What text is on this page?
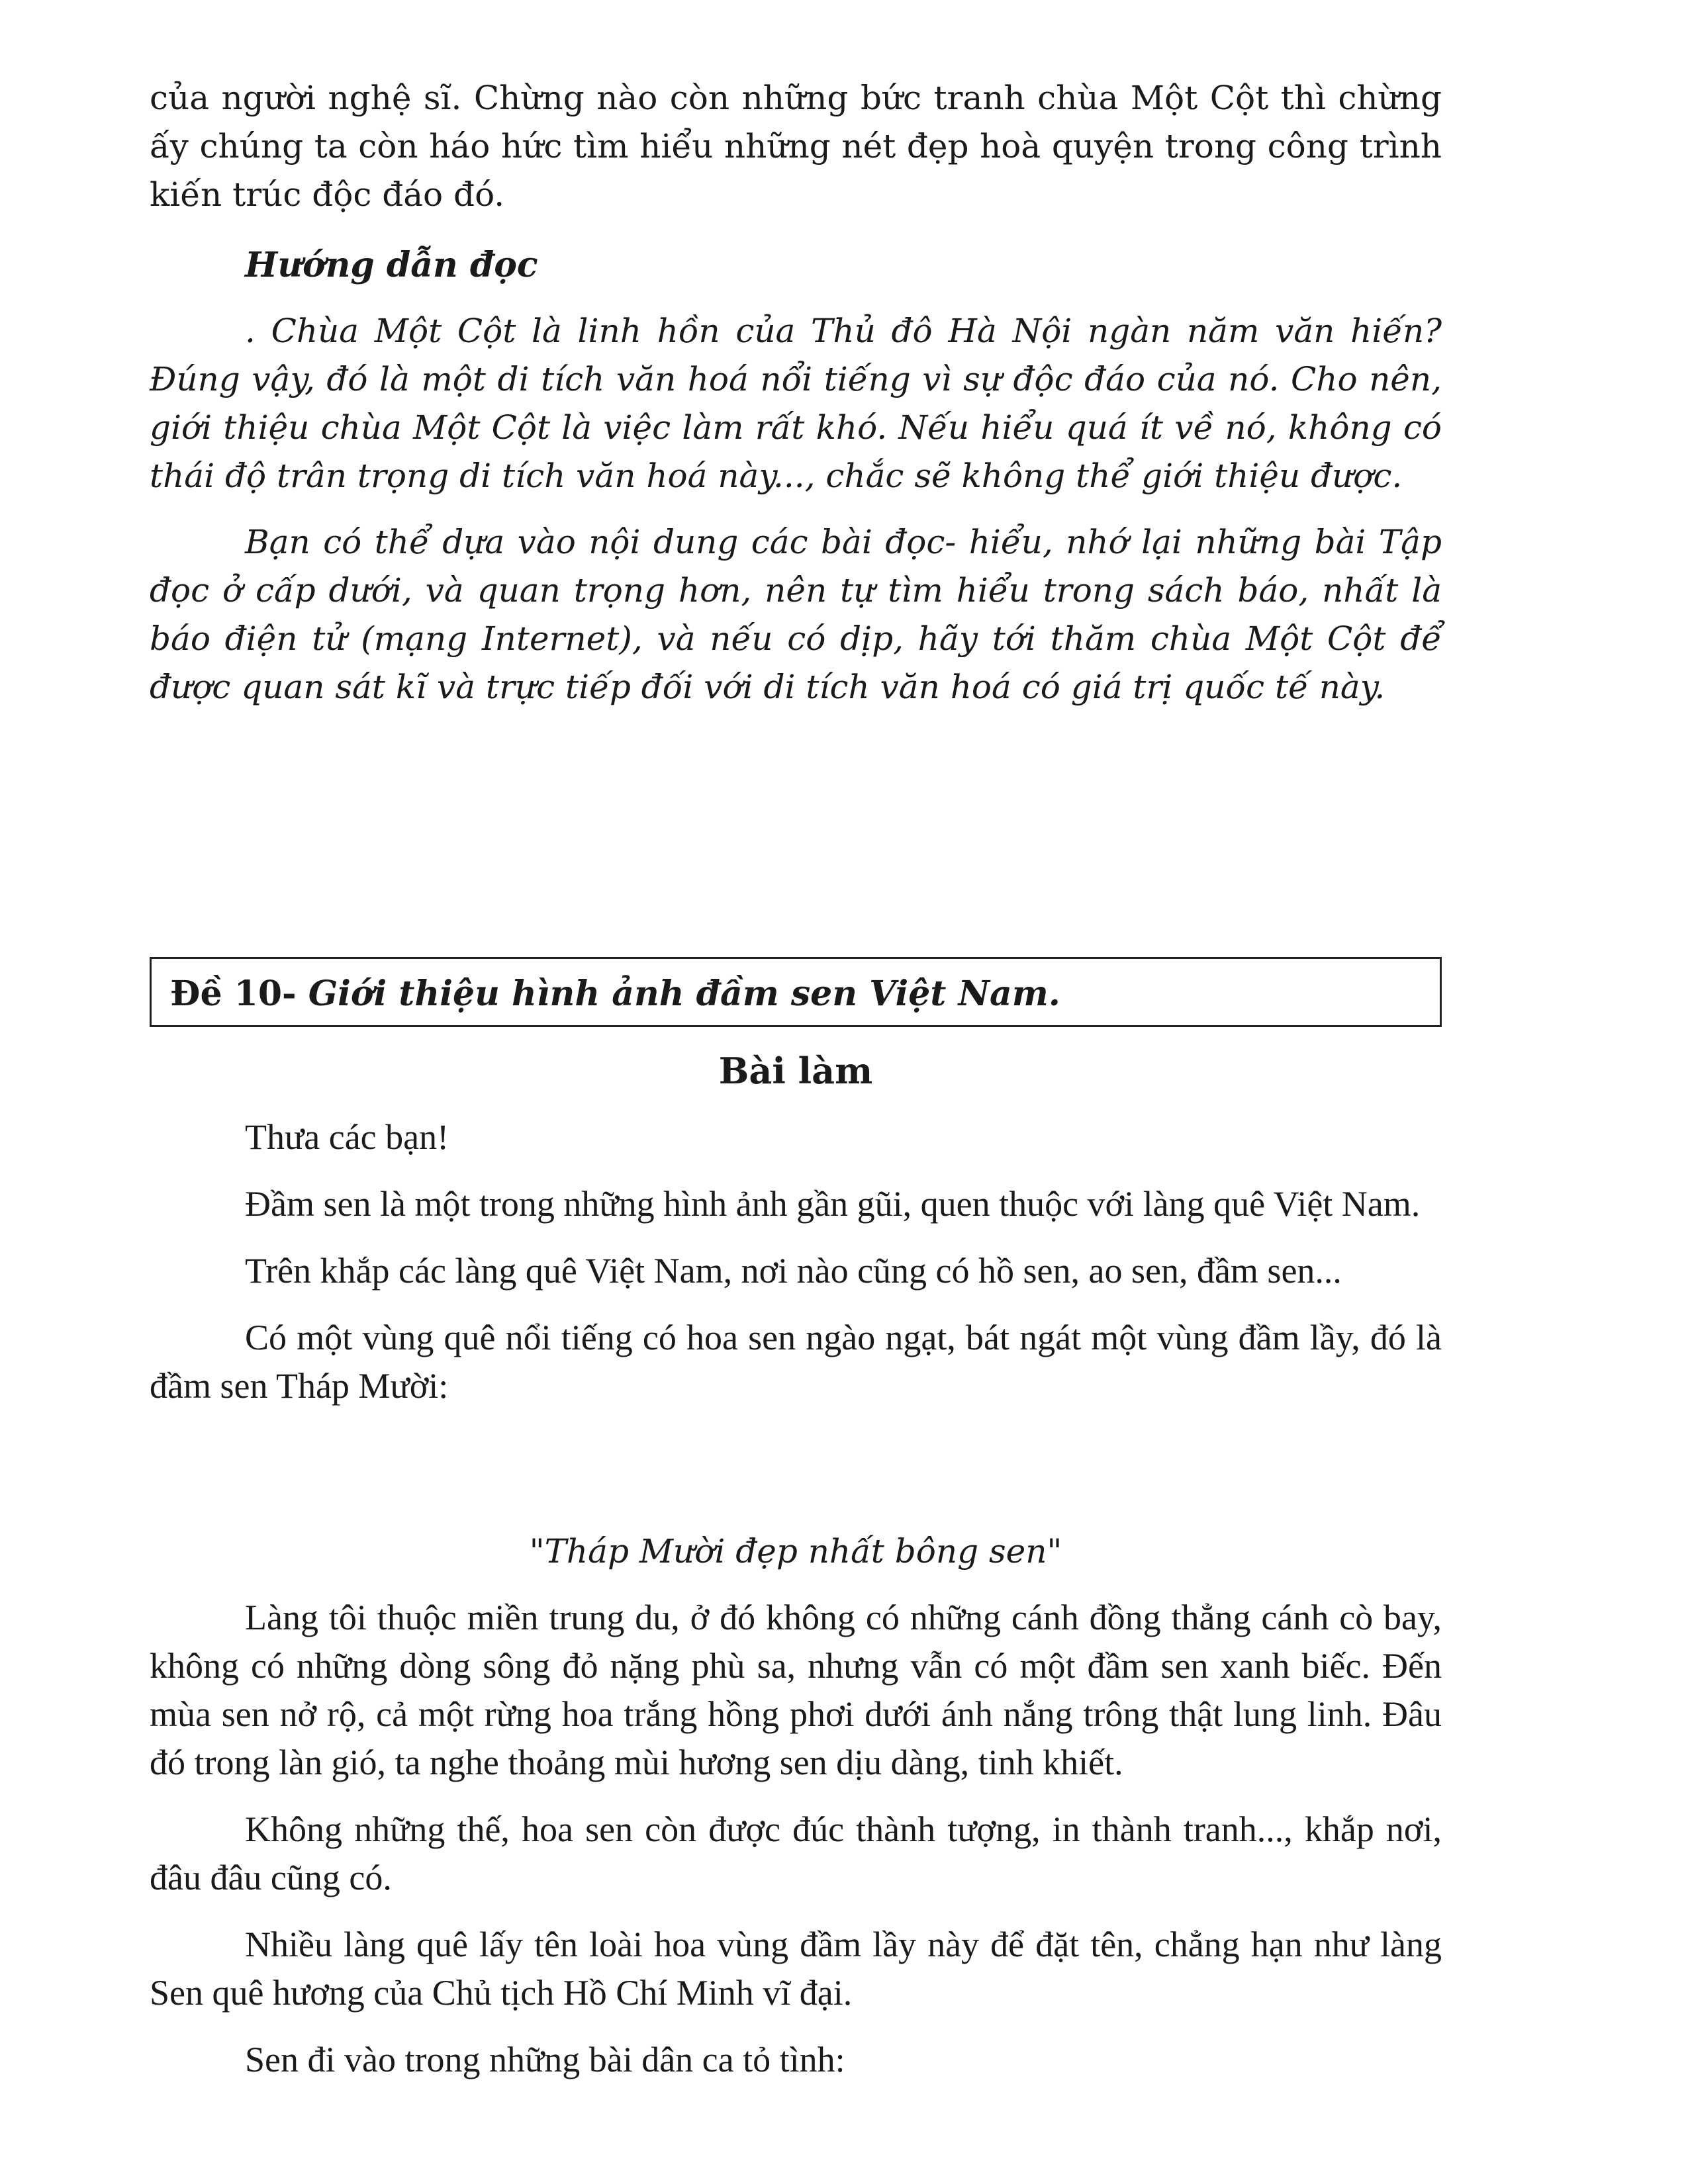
của người nghệ sĩ. Chừng nào còn những bức tranh chùa Một Cột thì chừng ấy chúng ta còn háo hức tìm hiểu những nét đẹp hoà quyện trong công trình kiến trúc độc đáo đó.

Hướng dẫn đọc

. Chùa Một Cột là linh hồn của Thủ đô Hà Nội ngàn năm văn hiến? Đúng vậy, đó là một di tích văn hoá nổi tiếng vì sự độc đáo của nó. Cho nên, giới thiệu chùa Một Cột là việc làm rất khó. Nếu hiểu quá ít về nó, không có thái độ trân trọng di tích văn hoá này..., chắc sẽ không thể giới thiệu được.

Bạn có thể dựa vào nội dung các bài đọc- hiểu, nhớ lại những bài Tập đọc ở cấp dưới, và quan trọng hơn, nên tự tìm hiểu trong sách báo, nhất là báo điện tử (mạng Internet), và nếu có dịp, hãy tới thăm chùa Một Cột để được quan sát kĩ và trực tiếp đối với di tích văn hoá có giá trị quốc tế này.

Đề 10- Giới thiệu hình ảnh đầm sen Việt Nam.
Bài làm

Thưa các bạn!

Đầm sen là một trong những hình ảnh gần gũi, quen thuộc với làng quê Việt Nam.

Trên khắp các làng quê Việt Nam, nơi nào cũng có hồ sen, ao sen, đầm sen...

Có một vùng quê nổi tiếng có hoa sen ngào ngạt, bát ngát một vùng đầm lầy, đó là đầm sen Tháp Mười:

"Tháp Mười đẹp nhất bông sen"

Làng tôi thuộc miền trung du, ở đó không có những cánh đồng thẳng cánh cò bay, không có những dòng sông đỏ nặng phù sa, nhưng vẫn có một đầm sen xanh biếc. Đến mùa sen nở rộ, cả một rừng hoa trắng hồng phơi dưới ánh nắng trông thật lung linh. Đâu đó trong làn gió, ta nghe thoảng mùi hương sen dịu dàng, tinh khiết.

Không những thế, hoa sen còn được đúc thành tượng, in thành tranh..., khắp nơi, đâu đâu cũng có.

Nhiều làng quê lấy tên loài hoa vùng đầm lầy này để đặt tên, chẳng hạn như làng Sen quê hương của Chủ tịch Hồ Chí Minh vĩ đại.

Sen đi vào trong những bài dân ca tỏ tình:
